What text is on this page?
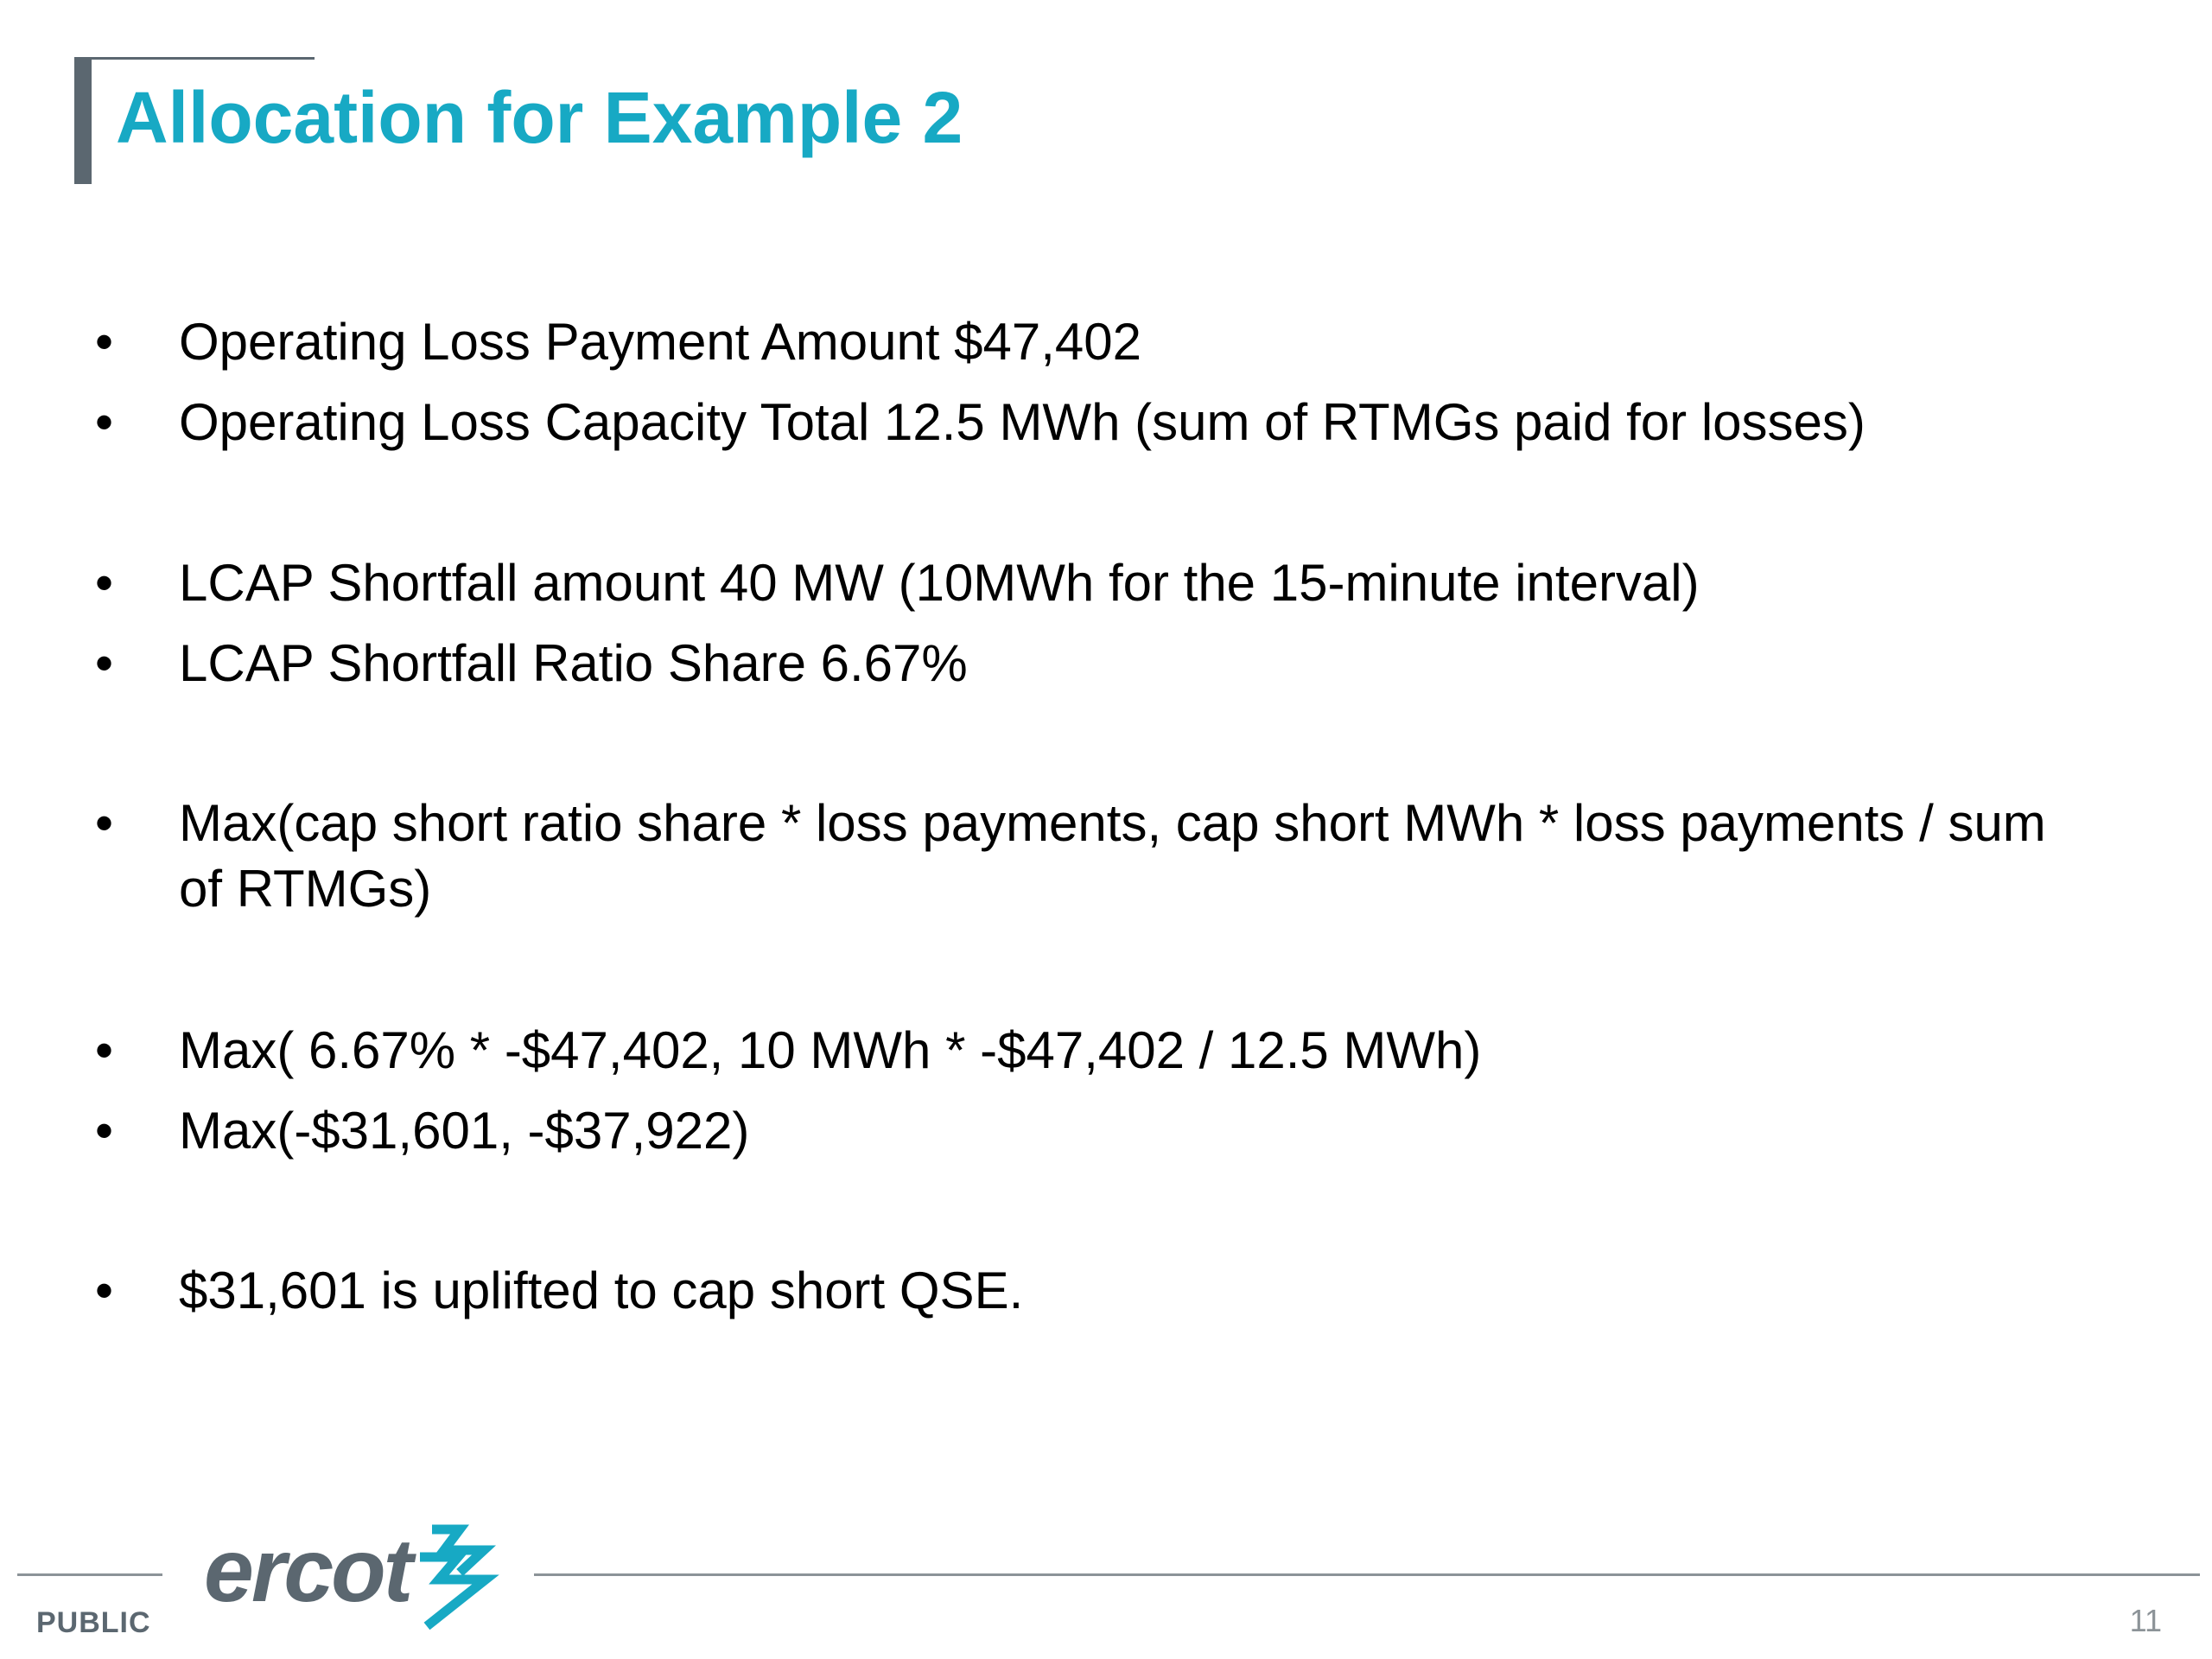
Allocation for Example 2
•	Operating Loss Payment Amount $47,402
•	Operating Loss Capacity Total 12.5 MWh (sum of RTMGs paid for losses)
•	LCAP Shortfall amount 40 MW (10MWh for the 15-minute interval)
•	LCAP Shortfall Ratio Share 6.67%
•	Max(cap short ratio share * loss payments, cap short MWh * loss payments / sum of RTMGs)
•	Max( 6.67% * -$47,402, 10 MWh * -$47,402 / 12.5 MWh)
•	Max(-$31,601, -$37,922)
•	$31,601 is uplifted to cap short QSE.
ercot
PUBLIC	11
